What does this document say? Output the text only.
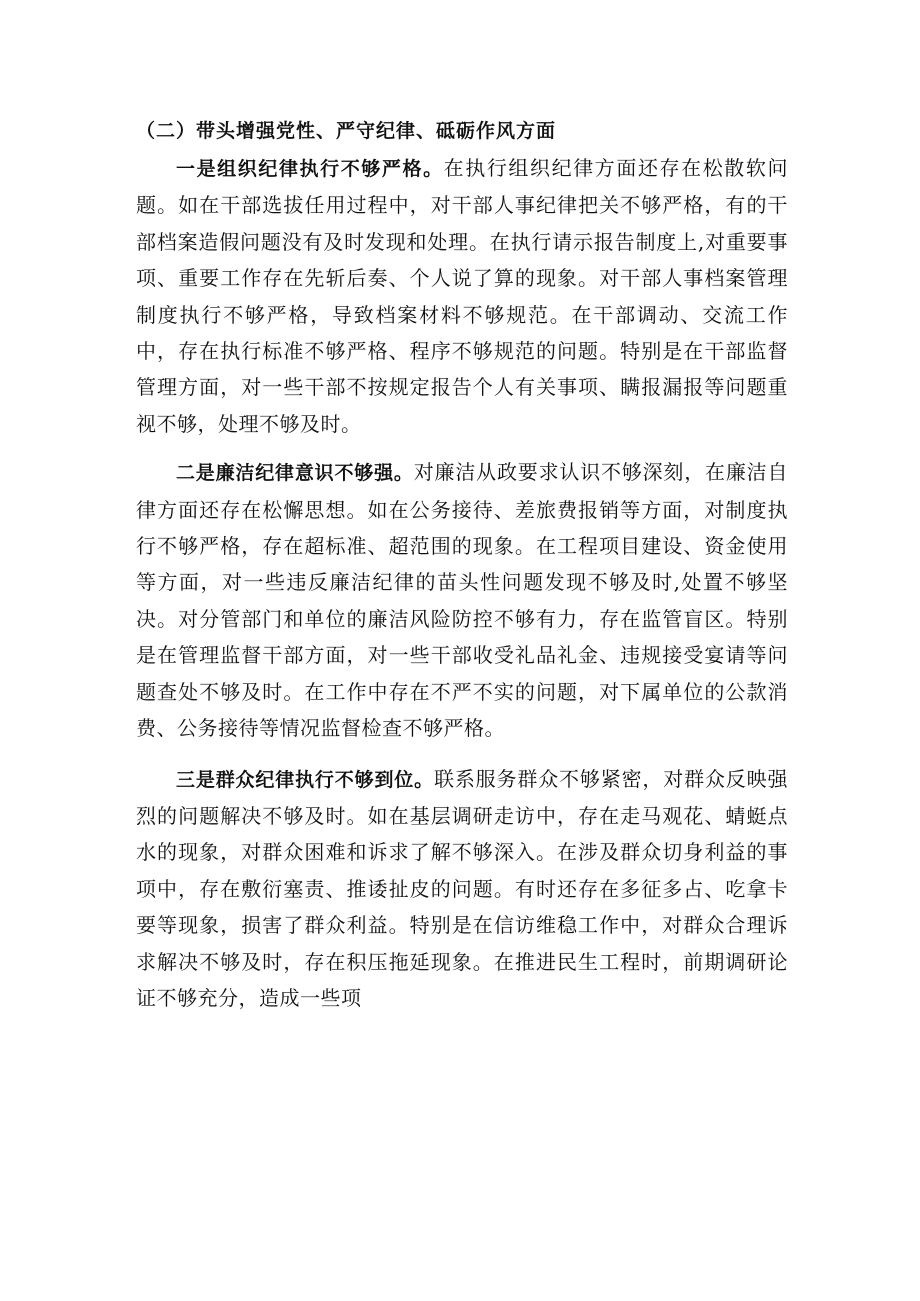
（二）带头增强党性、严守纪律、砥砺作风方面

一是组织纪律执行不够严格。在执行组织纪律方面还存在松散软问题。如在干部选拔任用过程中，对干部人事纪律把关不够严格，有的干部档案造假问题没有及时发现和处理。在执行请示报告制度上,对重要事项、重要工作存在先斩后奏、个人说了算的现象。对干部人事档案管理制度执行不够严格，导致档案材料不够规范。在干部调动、交流工作中，存在执行标准不够严格、程序不够规范的问题。特别是在干部监督管理方面，对一些干部不按规定报告个人有关事项、瞒报漏报等问题重视不够，处理不够及时。

二是廉洁纪律意识不够强。对廉洁从政要求认识不够深刻，在廉洁自律方面还存在松懈思想。如在公务接待、差旅费报销等方面，对制度执行不够严格，存在超标准、超范围的现象。在工程项目建设、资金使用等方面，对一些违反廉洁纪律的苗头性问题发现不够及时,处置不够坚决。对分管部门和单位的廉洁风险防控不够有力，存在监管盲区。特别是在管理监督干部方面，对一些干部收受礼品礼金、违规接受宴请等问题查处不够及时。在工作中存在不严不实的问题，对下属单位的公款消费、公务接待等情况监督检查不够严格。

三是群众纪律执行不够到位。联系服务群众不够紧密，对群众反映强烈的问题解决不够及时。如在基层调研走访中，存在走马观花、蜻蜓点水的现象，对群众困难和诉求了解不够深入。在涉及群众切身利益的事项中，存在敷衍塞责、推诿扯皮的问题。有时还存在多征多占、吃拿卡要等现象，损害了群众利益。特别是在信访维稳工作中，对群众合理诉求解决不够及时，存在积压拖延现象。在推进民生工程时，前期调研论证不够充分，造成一些项
